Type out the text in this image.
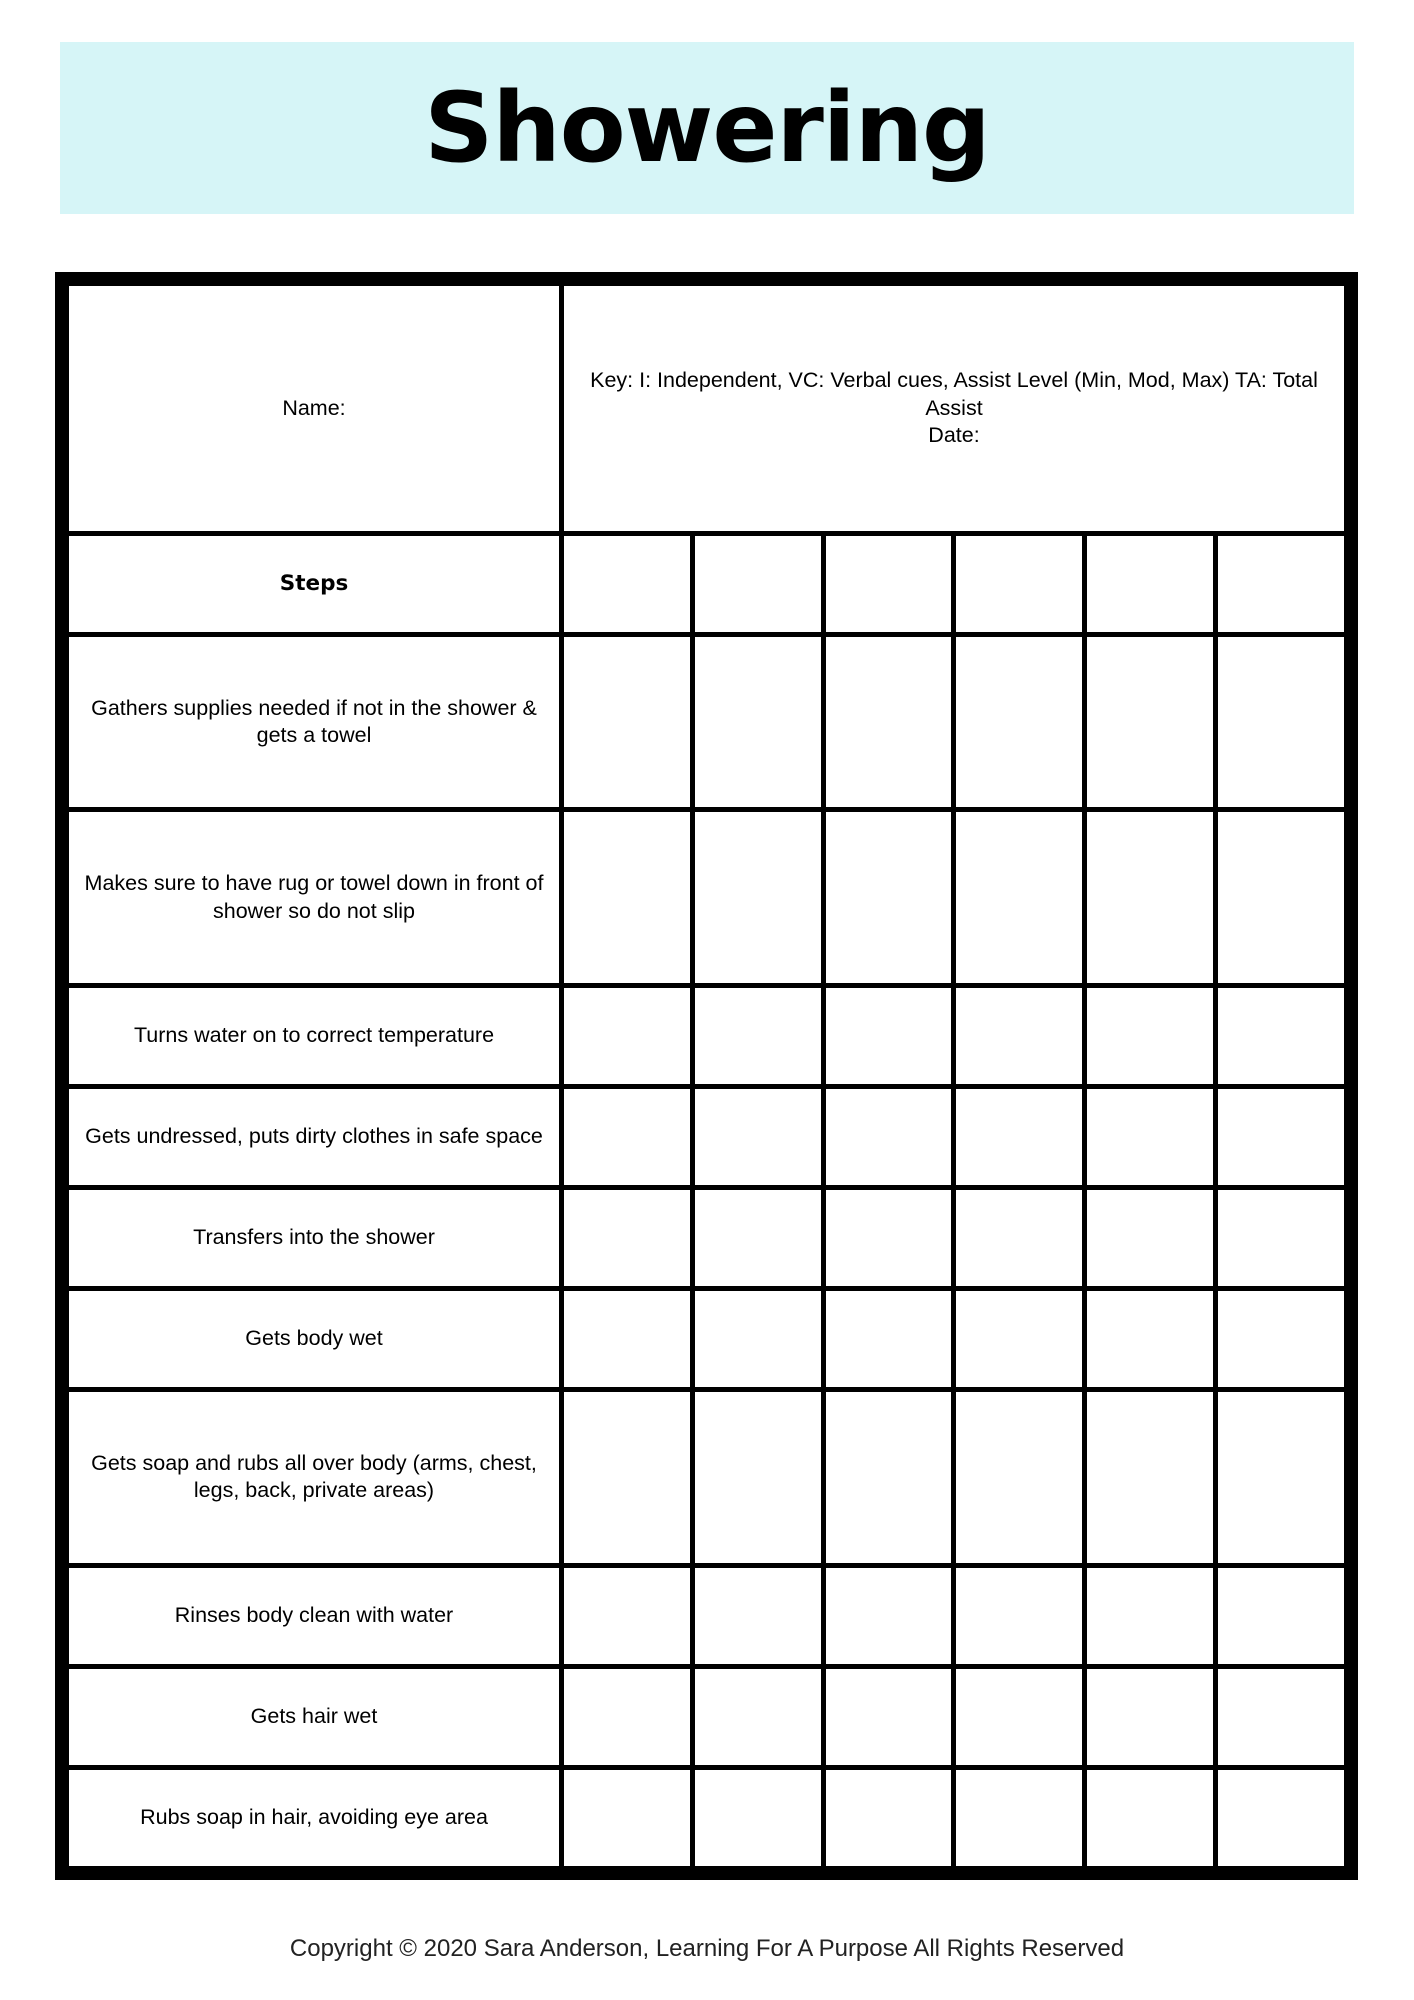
Showering
Name:	Key: I: Independent, VC: Verbal cues, Assist Level (Min, Mod, Max) TA: Total Assist
Date:					

Steps						
Gathers supplies needed if not in the shower & gets a towel						
Makes sure to have rug or towel down in front of shower so do not slip						
Turns water on to correct temperature						
Gets undressed, puts dirty clothes in safe space						
Transfers into the shower						
Gets body wet						
Gets soap and rubs all over body (arms, chest, legs, back, private areas)						
Rinses body clean with water						
Gets hair wet						
Rubs soap in hair, avoiding eye area						
Copyright © 2020 Sara Anderson, Learning For A Purpose All Rights Reserved
